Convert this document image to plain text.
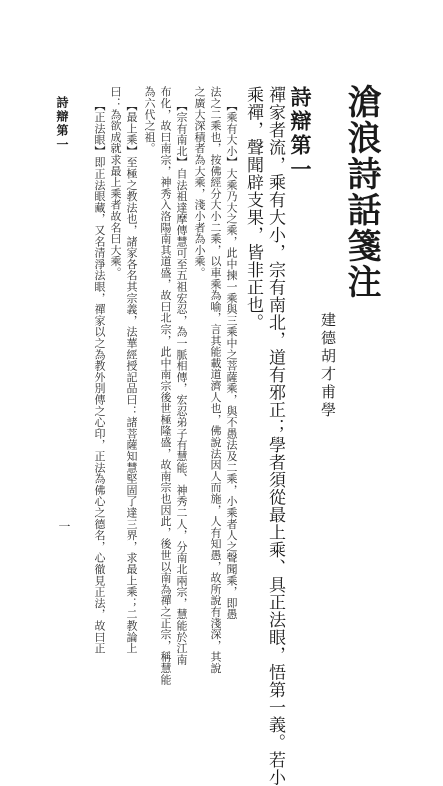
滄浪詩話箋注
建德胡才甫學
詩辯第一
禪家者流，乘有大小，宗有南北，道有邪正；學者須從最上乘、具正法眼，悟第一義。若小
乘禪，聲聞辟支果，皆非正也。
【乘有大小】大乘乃大之乘，此中揀一乘與三乘中之菩薩乘，與不愚法及二乘，小乘者人之聲聞乘，即愚
法之二乘也，按佛經分大小二乘，以車乘為喻，言其能載道濟人也，佛說法因人而施，人有知愚，故所說有淺深，其說
之廣大深積者為大乘，淺小者為小乘。
【宗有南北】自法祖達摩傳慧可至五祖宏忍，為一脈相傳，宏忍弟子有慧能、神秀二人，分南北兩宗，慧能於江南
布化，故曰南宗，神秀入洛陽南其道盛，故曰北宗，此中南宗後世極隆盛，故南宗也因此，後世以南為禪之正宗，稱慧能
為六代之祖。
【最上乘】至極之教法也，諸家各名其宗義，法華經授記品曰：諸菩薩知慧堅固了達三界，求最上乘；二教論上
曰：為欲成就求最上乘者故名曰大乘。
【正法眼】即正法眼藏，又名清淨法眼，禪家以之為教外別傳之心印，正法為佛心之德名，心徹見正法，故曰正
詩辯第一
一
